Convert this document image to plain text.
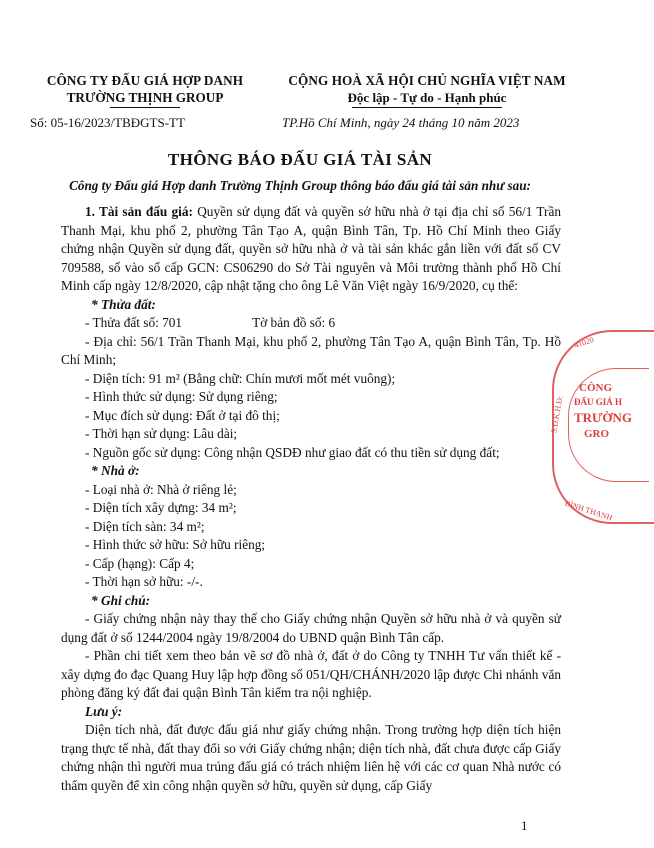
CÔNG TY ĐẤU GIÁ HỢP DANH
TRƯỜNG THỊNH GROUP
CỘNG HOÀ XÃ HỘI CHỦ NGHĨA VIỆT NAM
Độc lập - Tự do - Hạnh phúc
Số: 05-16/2023/TBĐGTS-TT	TP.Hồ Chí Minh, ngày 24 tháng 10 năm 2023
THÔNG BÁO ĐẤU GIÁ TÀI SẢN
Công ty Đấu giá Hợp danh Trường Thịnh Group thông báo đấu giá tài sản như sau:

1. Tài sản đấu giá: Quyền sử dụng đất và quyền sở hữu nhà ở tại địa chỉ số 56/1 Trần Thanh Mại, khu phố 2, phường Tân Tạo A, quận Bình Tân, Tp. Hồ Chí Minh theo Giấy chứng nhận Quyền sử dụng đất, quyền sở hữu nhà ở và tài sản khác gắn liền với đất số CV 709588, số vào sổ cấp GCN: CS06290 do Sở Tài nguyên và Môi trường thành phố Hồ Chí Minh cấp ngày 12/8/2020, cập nhật tặng cho ông Lê Văn Việt ngày 16/9/2020, cụ thể:

* Thửa đất:

- Thửa đất số: 701	Tờ bản đồ số: 6

- Địa chỉ: 56/1 Trần Thanh Mại, khu phố 2, phường Tân Tạo A, quận Bình Tân, Tp. Hồ Chí Minh;

- Diện tích: 91 m² (Bằng chữ: Chín mươi mốt mét vuông);

- Hình thức sử dụng: Sử dụng riêng;

- Mục đích sử dụng: Đất ở tại đô thị;

- Thời hạn sử dụng: Lâu dài;

- Nguồn gốc sử dụng: Công nhận QSDĐ như giao đất có thu tiền sử dụng đất;

* Nhà ở:

- Loại nhà ở: Nhà ở riêng lẻ;

- Diện tích xây dựng: 34 m²;

- Diện tích sàn: 34 m²;

- Hình thức sở hữu: Sở hữu riêng;

- Cấp (hạng): Cấp 4;

- Thời hạn sở hữu: -/-.

* Ghi chú:

- Giấy chứng nhận này thay thế cho Giấy chứng nhận Quyền sở hữu nhà ở và quyền sử dụng đất ở số 1244/2004 ngày 19/8/2004 do UBND quận Bình Tân cấp.

- Phần chi tiết xem theo bản vẽ sơ đồ nhà ở, đất ở do Công ty TNHH Tư vấn thiết kế - xây dựng đo đạc Quang Huy lập hợp đồng số 051/QH/CHÁNH/2020 lập được Chi nhánh văn phòng đăng ký đất đai quận Bình Tân kiểm tra nội nghiệp.

Lưu ý:

Diện tích nhà, đất được đấu giá như giấy chứng nhận. Trong trường hợp diện tích hiện trạng thực tế nhà, đất thay đổi so với Giấy chứng nhận; diện tích nhà, đất chưa được cấp Giấy chứng nhận thì người mua trúng đấu giá có trách nhiệm liên hệ với các cơ quan Nhà nước có thẩm quyền để xin công nhận quyền sở hữu, quyền sử dụng, cấp Giấy

41020
S.Đ.K.H.Đ:
BÌNH THẠNH
CÔNG
ĐẤU GIÁ H
TRƯỜNG
GRO
1
